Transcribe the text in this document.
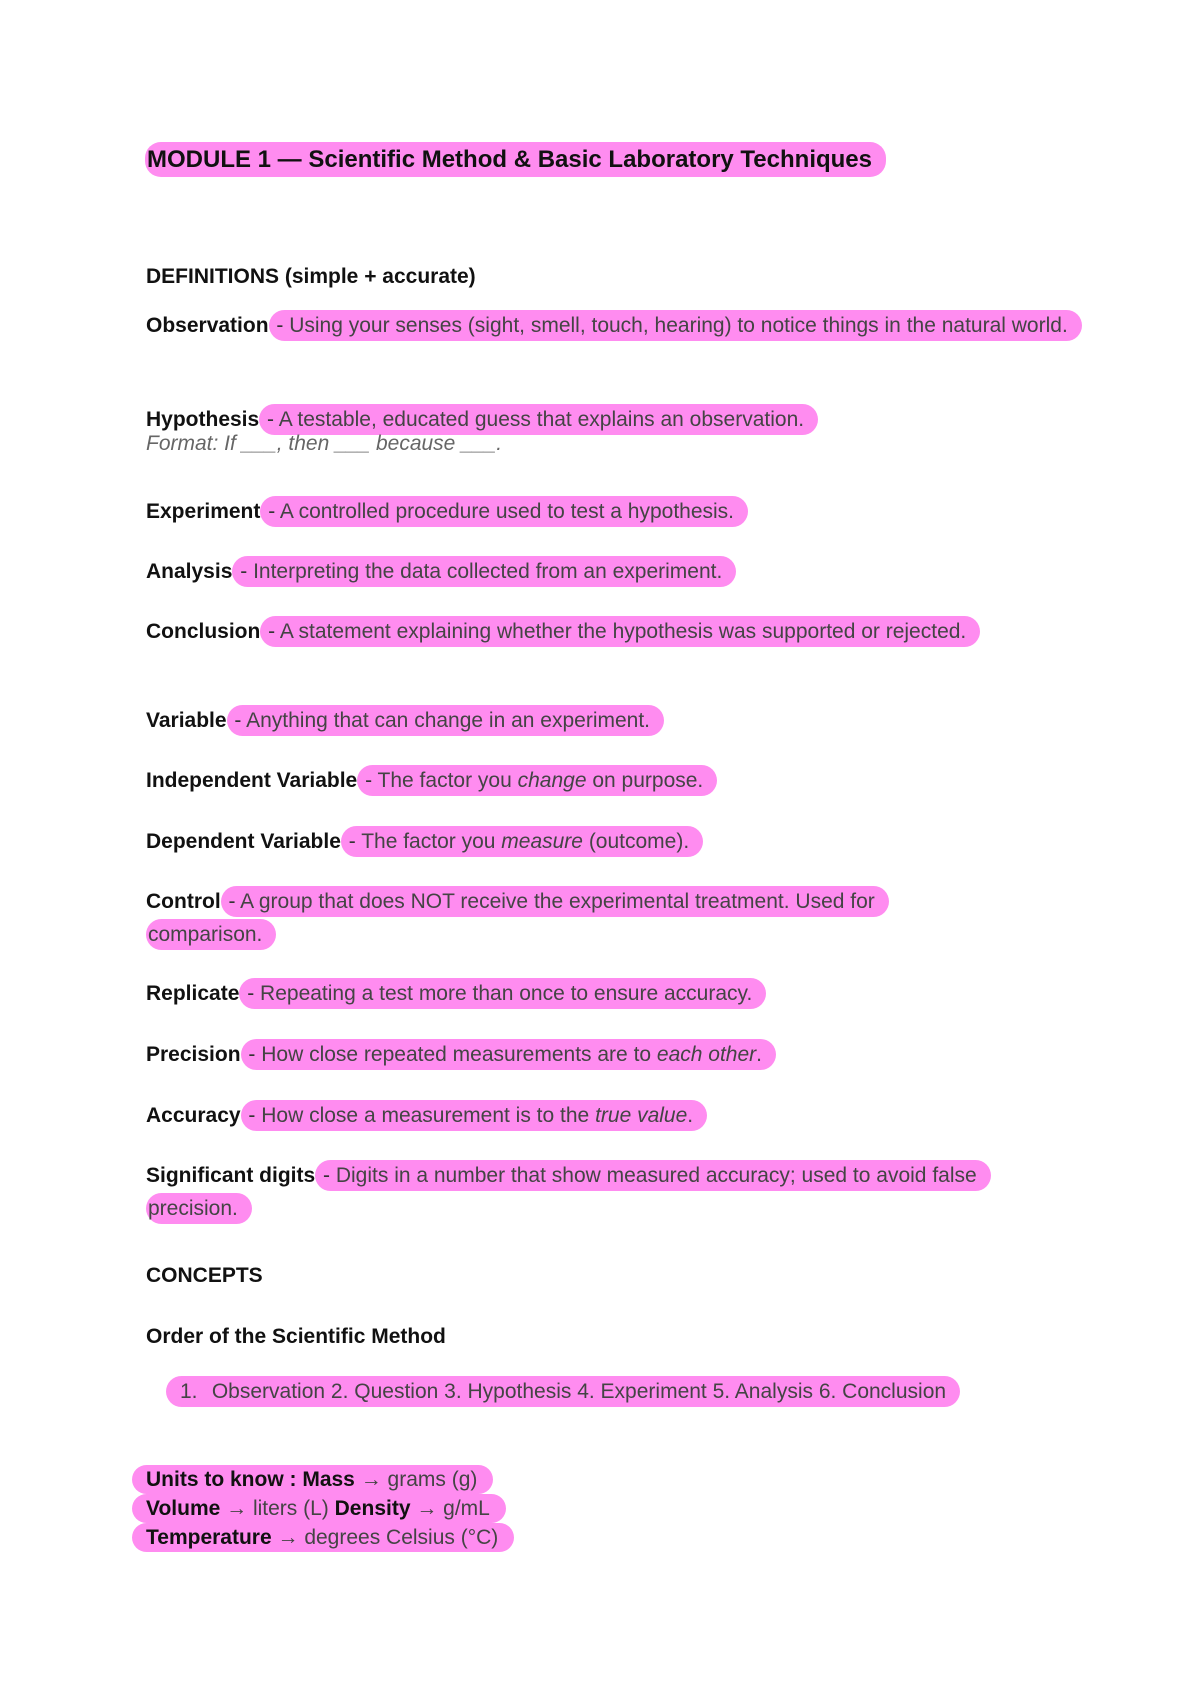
MODULE 1 — Scientific Method & Basic Laboratory Techniques
DEFINITIONS (simple + accurate)
Observation - Using your senses (sight, smell, touch, hearing) to notice things in the natural world.
Hypothesis - A testable, educated guess that explains an observation.
Format: If ___, then ___ because ___.
Experiment - A controlled procedure used to test a hypothesis.
Analysis - Interpreting the data collected from an experiment.
Conclusion - A statement explaining whether the hypothesis was supported or rejected.
Variable - Anything that can change in an experiment.
Independent Variable - The factor you change on purpose.
Dependent Variable - The factor you measure (outcome).
Control - A group that does NOT receive the experimental treatment. Used for comparison.
Replicate - Repeating a test more than once to ensure accuracy.
Precision - How close repeated measurements are to each other.
Accuracy - How close a measurement is to the true value.
Significant digits - Digits in a number that show measured accuracy; used to avoid false precision.
CONCEPTS
Order of the Scientific Method
1. Observation 2. Question 3. Hypothesis 4. Experiment 5. Analysis 6. Conclusion
Units to know : Mass → grams (g)
Volume → liters (L) Density → g/mL
Temperature → degrees Celsius (°C)
